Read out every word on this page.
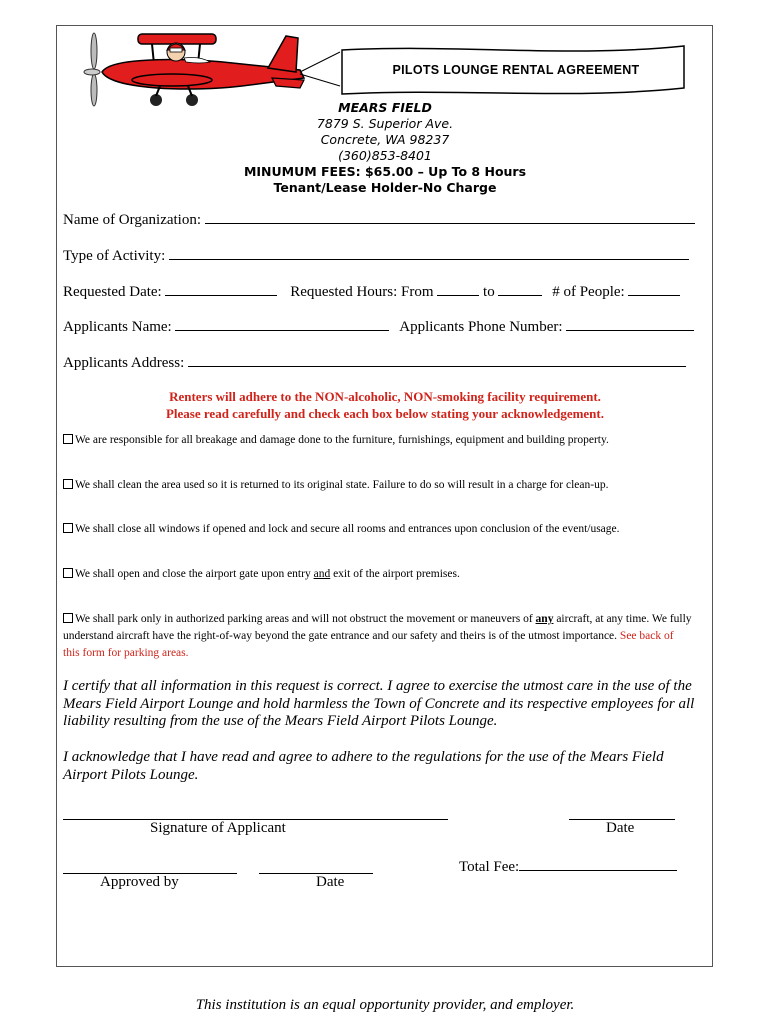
PILOTS LOUNGE RENTAL AGREEMENT
MEARS FIELD
7879 S. Superior Ave.
Concrete, WA 98237
(360)853-8401
MINUMUM FEES: $65.00 – Up To 8 Hours
Tenant/Lease Holder-No Charge
Name of Organization:
Type of Activity:
Requested Date:	Requested Hours: From	to	# of People:
Applicants Name:	Applicants Phone Number:
Applicants Address:
Renters will adhere to the NON-alcoholic, NON-smoking facility requirement.
Please read carefully and check each box below stating your acknowledgement.
We are responsible for all breakage and damage done to the furniture, furnishings, equipment and building property.
We shall clean the area used so it is returned to its original state. Failure to do so will result in a charge for clean-up.
We shall close all windows if opened and lock and secure all rooms and entrances upon conclusion of the event/usage.
We shall open and close the airport gate upon entry and exit of the airport premises.
We shall park only in authorized parking areas and will not obstruct the movement or maneuvers of any aircraft, at any time. We fully understand aircraft have the right-of-way beyond the gate entrance and our safety and theirs is of the utmost importance. See back of this form for parking areas.
I certify that all information in this request is correct. I agree to exercise the utmost care in the use of the Mears Field Airport Lounge and hold harmless the Town of Concrete and its respective employees for all liability resulting from the use of the Mears Field Airport Pilots Lounge.
I acknowledge that I have read and agree to adhere to the regulations for the use of the Mears Field Airport Pilots Lounge.
Signature of Applicant	Date
Approved by	Date
Total Fee:
This institution is an equal opportunity provider, and employer.
